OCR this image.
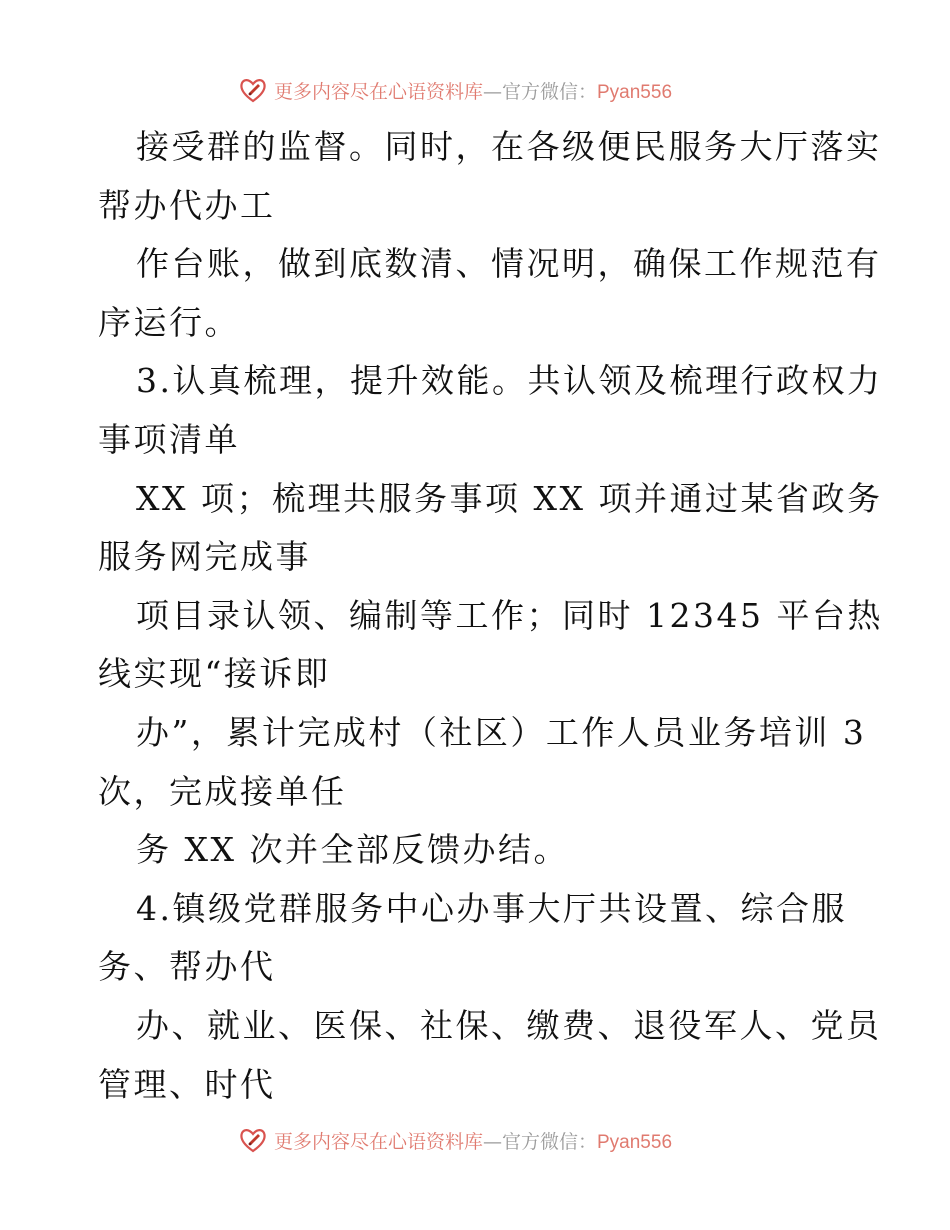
更多内容尽在心语资料库—官方微信：Pyan556
接受群的监督。同时，在各级便民服务大厅落实
帮办代办工
作台账，做到底数清、情况明，确保工作规范有
序运行。
3.认真梳理，提升效能。共认领及梳理行政权力
事项清单
XX 项；梳理共服务事项 XX 项并通过某省政务
服务网完成事
项目录认领、编制等工作；同时 12345 平台热
线实现“接诉即
办”，累计完成村（社区）工作人员业务培训 3
次，完成接单任
务 XX 次并全部反馈办结。
4.镇级党群服务中心办事大厅共设置、综合服
务、帮办代
办、就业、医保、社保、缴费、退役军人、党员
管理、时代
更多内容尽在心语资料库—官方微信：Pyan556
